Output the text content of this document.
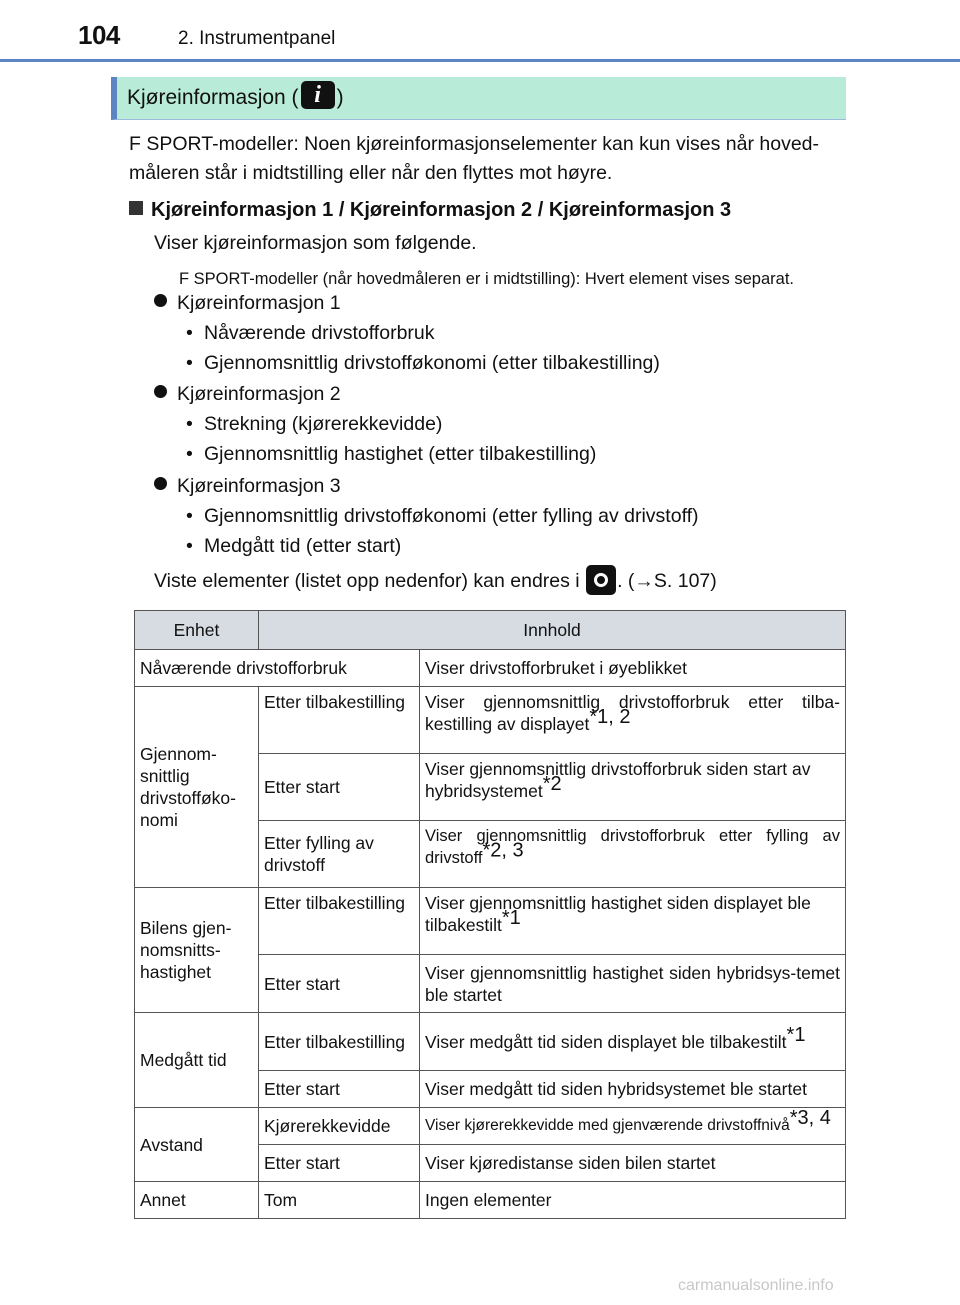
104	2. Instrumentpanel
Kjøreinformasjon ( i )
F SPORT-modeller: Noen kjøreinformasjonselementer kan kun vises når hoved-måleren står i midtstilling eller når den flyttes mot høyre.
Kjøreinformasjon 1 / Kjøreinformasjon 2 / Kjøreinformasjon 3
Viser kjøreinformasjon som følgende.
F SPORT-modeller (når hovedmåleren er i midtstilling): Hvert element vises separat.
Kjøreinformasjon 1
• Nåværende drivstofforbruk
• Gjennomsnittlig drivstofføkonomi (etter tilbakestilling)
Kjøreinformasjon 2
• Strekning (kjørerekkevidde)
• Gjennomsnittlig hastighet (etter tilbakestilling)
Kjøreinformasjon 3
• Gjennomsnittlig drivstofføkonomi (etter fylling av drivstoff)
• Medgått tid (etter start)
Viste elementer (listet opp nedenfor) kan endres i . (→S. 107)
Enhet	Innhold	
Nåværende drivstofforbruk		Viser drivstofforbruket i øyeblikket
Gjennom-snittlig drivstofføko-nomi	Etter tilbakestilling	Viser gjennomsnittlig drivstofforbruk etter tilba-kestilling av displayet$^{*1, 2}$
	Etter start	Viser gjennomsnittlig drivstofforbruk siden start av hybridsystemet$^{*2}$
	Etter fylling av drivstoff	Viser gjennomsnittlig drivstofforbruk etter fylling av drivstoff$^{*2, 3}$
Bilens gjen-nomsnitts-hastighet	Etter tilbakestilling	Viser gjennomsnittlig hastighet siden displayet ble tilbakestilt$^{*1}$
	Etter start	Viser gjennomsnittlig hastighet siden hybridsys-temet ble startet
Medgått tid	Etter tilbakestilling	Viser medgått tid siden displayet ble tilbakestilt$^{*1}$
	Etter start	Viser medgått tid siden hybridsystemet ble startet
Avstand	Kjørerekkevidde	Viser kjørerekkevidde med gjenværende drivstoffnivå$^{*3, 4}$
	Etter start	Viser kjøredistanse siden bilen startet
Annet	Tom	Ingen elementer
carmanualsonline.info
